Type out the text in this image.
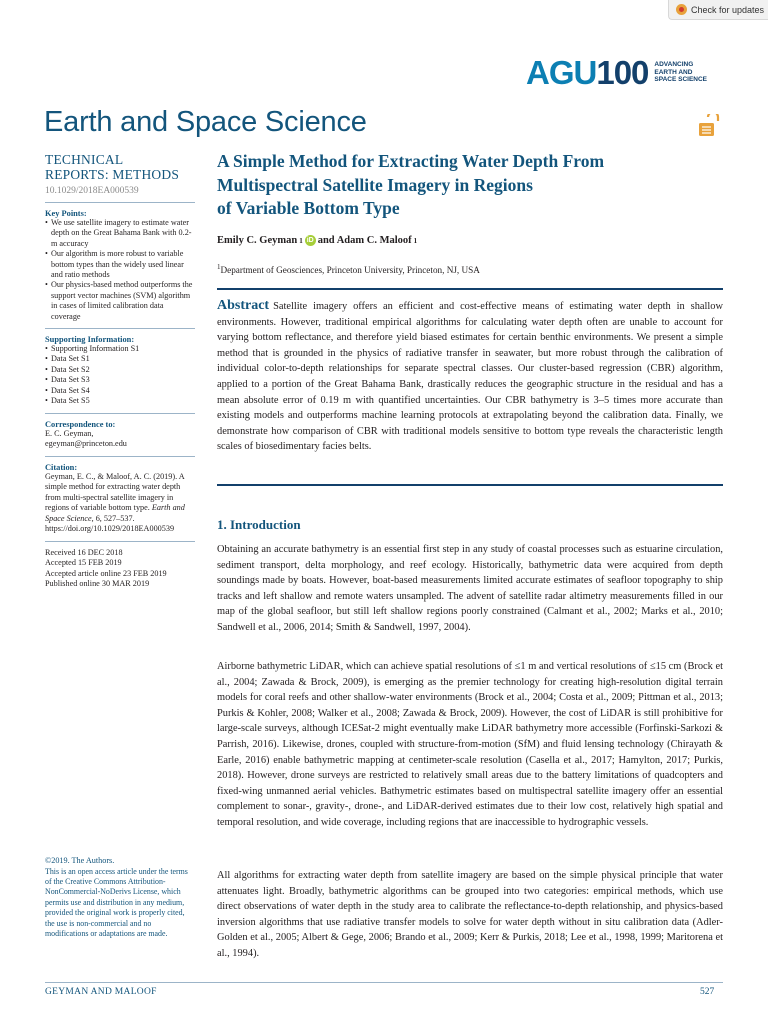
Check for updates
AGU 100 ADVANCING
EARTH AND
SPACE SCIENCE
Earth and Space Science
TECHNICAL
REPORTS: METHODS
10.1029/2018EA000539
Key Points:
• We use satellite imagery to estimate water depth on the Great Bahama Bank with 0.2-m accuracy
• Our algorithm is more robust to variable bottom types than the widely used linear and ratio methods
• Our physics-based method outperforms the support vector machines (SVM) algorithm in cases of limited calibration data coverage
Supporting Information:
• Supporting Information S1
• Data Set S1
• Data Set S2
• Data Set S3
• Data Set S4
• Data Set S5
Correspondence to:
E. C. Geyman,
egeyman@princeton.edu
Citation:
Geyman, E. C., & Maloof, A. C. (2019). A simple method for extracting water depth from multi-spectral satellite imagery in regions of variable bottom type. Earth and Space Science, 6, 527–537. https://doi.org/10.1029/2018EA000539
Received 16 DEC 2018
Accepted 15 FEB 2019
Accepted article online 23 FEB 2019
Published online 30 MAR 2019
©2019. The Authors.
This is an open access article under the terms of the Creative Commons Attribution-NonCommercial-NoDerivs License, which permits use and distribution in any medium, provided the original work is properly cited, the use is non-commercial and no modifications or adaptations are made.
A Simple Method for Extracting Water Depth From
Multispectral Satellite Imagery in Regions
of Variable Bottom Type
Emily C. Geyman 1 iD and Adam C. Maloof 1
$^1$Department of Geosciences, Princeton University, Princeton, NJ, USA
Abstract Satellite imagery offers an efficient and cost-effective means of estimating water depth in shallow environments. However, traditional empirical algorithms for calculating water depth often are unable to account for varying bottom reflectance, and therefore yield biased estimates for certain benthic environments. We present a simple method that is grounded in the physics of radiative transfer in seawater, but more robust through the calibration of individual color-to-depth relationships for separate spectral classes. Our cluster-based regression (CBR) algorithm, applied to a portion of the Great Bahama Bank, drastically reduces the geographic structure in the residual and has a mean absolute error of 0.19 m with quantified uncertainties. Our CBR bathymetry is 3–5 times more accurate than existing models and outperforms machine learning protocols at extrapolating beyond the calibration data. Finally, we demonstrate how comparison of CBR with traditional models sensitive to bottom type reveals the characteristic length scales of biosedimentary facies belts.
1. Introduction
Obtaining an accurate bathymetry is an essential first step in any study of coastal processes such as estuarine circulation, sediment transport, delta morphology, and reef ecology. Historically, bathymetric data were acquired from depth soundings made by boats. However, boat-based measurements limited accurate estimates of seafloor topography to ship tracks and left shallow and remote waters unsampled. The advent of satellite radar altimetry measurements filled in our map of the global seafloor, but still left shallow regions poorly constrained (Calmant et al., 2002; Marks et al., 2010; Sandwell et al., 2006, 2014; Smith & Sandwell, 1997, 2004).
Airborne bathymetric LiDAR, which can achieve spatial resolutions of ≤1 m and vertical resolutions of ≤15 cm (Brock et al., 2004; Zawada & Brock, 2009), is emerging as the premier technology for creating high-resolution digital terrain models for coral reefs and other shallow-water environments (Brock et al., 2004; Costa et al., 2009; Pittman et al., 2013; Purkis & Kohler, 2008; Walker et al., 2008; Zawada & Brock, 2009). However, the cost of LiDAR is still prohibitive for large-scale surveys, although ICESat-2 might eventually make LiDAR bathymetry more accessible (Forfinski-Sarkozi & Parrish, 2016). Likewise, drones, coupled with structure-from-motion (SfM) and fluid lensing technology (Chirayath & Earle, 2016) enable bathymetric mapping at centimeter-scale resolution (Casella et al., 2017; Hamylton, 2017; Purkis, 2018). However, drone surveys are restricted to relatively small areas due to the battery limitations of quadcopters and fixed-wing unmanned aerial vehicles. Bathymetric estimates based on multispectral satellite imagery offer an essential complement to sonar-, gravity-, drone-, and LiDAR-derived estimates due to their low cost, relatively high spatial and temporal resolution, and wide coverage, including regions that are inaccessible to hydrographic vessels.
All algorithms for extracting water depth from satellite imagery are based on the simple physical principle that water attenuates light. Broadly, bathymetric algorithms can be grouped into two categories: empirical methods, which use direct observations of water depth in the study area to calibrate the reflectance-to-depth relationship, and physics-based inversion algorithms that use radiative transfer models to solve for water depth without in situ calibration data (Adler-Golden et al., 2005; Albert & Gege, 2006; Brando et al., 2009; Kerr & Purkis, 2018; Lee et al., 1998, 1999; Maritorena et al., 1994).
GEYMAN AND MALOOF	527
